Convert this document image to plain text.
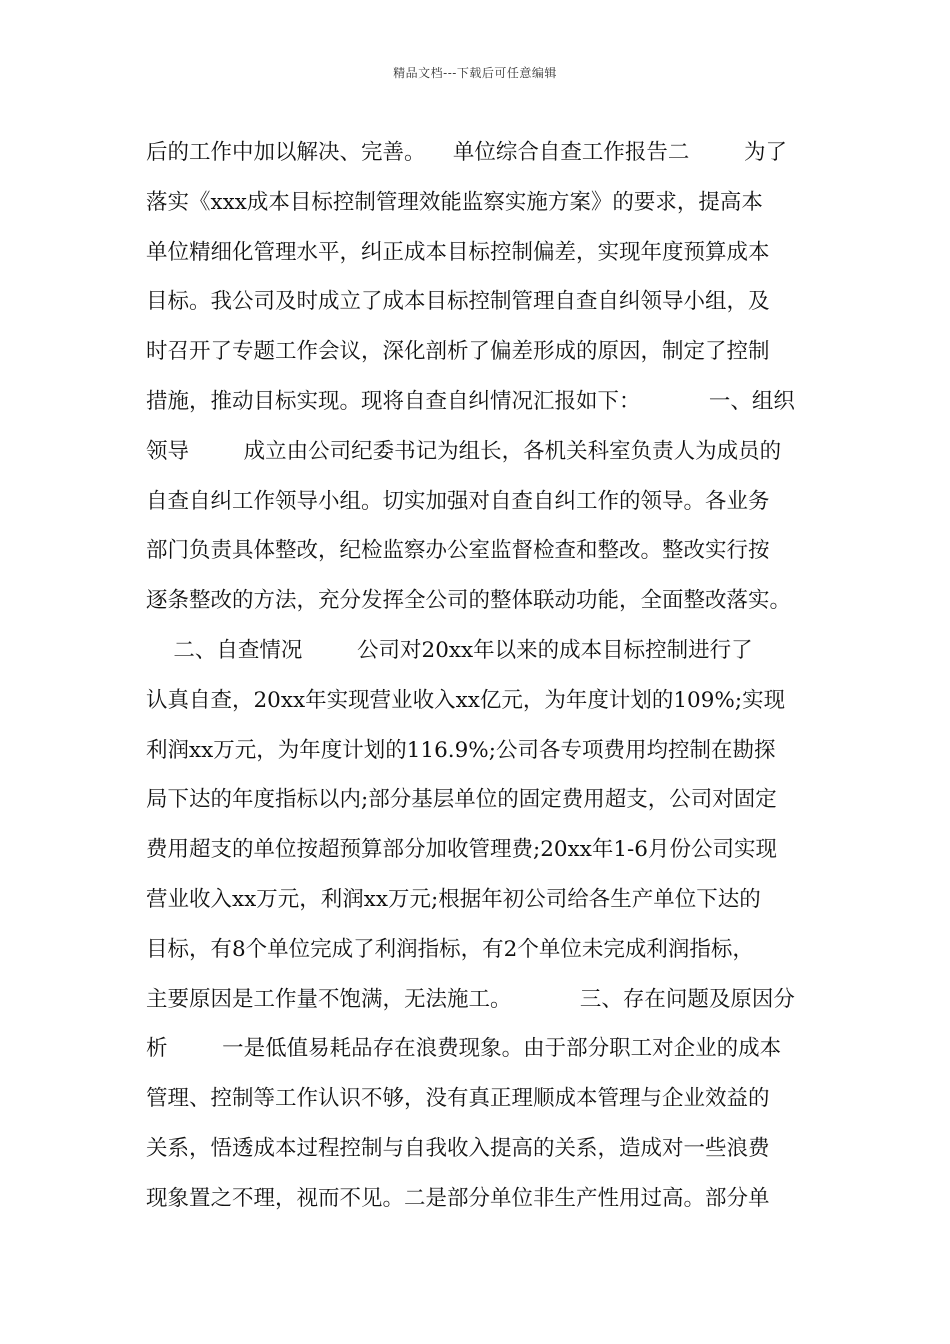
精品文档---下载后可任意编辑
后的工作中加以解决、完善。    单位综合自查工作报告二        为了
落实《xxx成本目标控制管理效能监察实施方案》的要求，提高本
单位精细化管理水平，纠正成本目标控制偏差，实现年度预算成本
目标。我公司及时成立了成本目标控制管理自查自纠领导小组，及
时召开了专题工作会议，深化剖析了偏差形成的原因，制定了控制
措施，推动目标实现。现将自查自纠情况汇报如下：          一、组织
领导        成立由公司纪委书记为组长，各机关科室负责人为成员的
自查自纠工作领导小组。切实加强对自查自纠工作的领导。各业务
部门负责具体整改，纪检监察办公室监督检查和整改。整改实行按
逐条整改的方法，充分发挥全公司的整体联动功能，全面整改落实。
二、自查情况        公司对20xx年以来的成本目标控制进行了
认真自查，20xx年实现营业收入xx亿元，为年度计划的109%;实现
利润xx万元，为年度计划的116.9%;公司各专项费用均控制在勘探
局下达的年度指标以内;部分基层单位的固定费用超支，公司对固定
费用超支的单位按超预算部分加收管理费;20xx年1-6月份公司实现
营业收入xx万元，利润xx万元;根据年初公司给各生产单位下达的
目标，有8个单位完成了利润指标，有2个单位未完成利润指标，
主要原因是工作量不饱满，无法施工。          三、存在问题及原因分
析        一是低值易耗品存在浪费现象。由于部分职工对企业的成本
管理、控制等工作认识不够，没有真正理顺成本管理与企业效益的
关系，悟透成本过程控制与自我收入提高的关系，造成对一些浪费
现象置之不理，视而不见。二是部分单位非生产性用过高。部分单
